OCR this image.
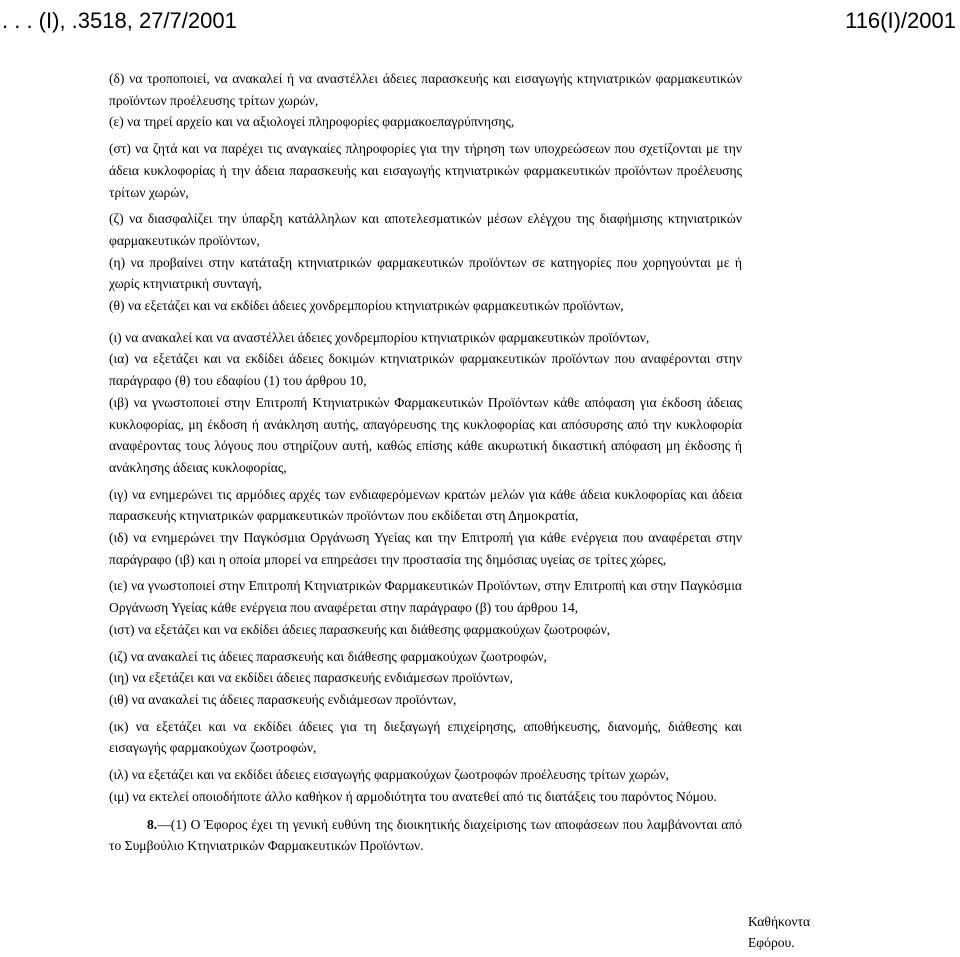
. . . (Ι), .3518, 27/7/2001	116(Ι)/2001

(δ) να τροποποιεί, να ανακαλεί ή να αναστέλλει άδειες παρασκευής και εισαγωγής κτηνιατρικών φαρμακευτικών προϊόντων προέλευσης τρίτων χωρών,

(ε) να τηρεί αρχείο και να αξιολογεί πληροφορίες φαρμακοεπαγρύπνησης,

(στ) να ζητά και να παρέχει τις αναγκαίες πληροφορίες για την τήρηση των υποχρεώσεων που σχετίζονται με την άδεια κυκλοφορίας ή την άδεια παρασκευής και εισαγωγής κτηνιατρικών φαρμακευτικών προϊόντων προέλευσης τρίτων χωρών,

(ζ) να διασφαλίζει την ύπαρξη κατάλληλων και αποτελεσματικών μέσων ελέγχου της διαφήμισης κτηνιατρικών φαρμακευτικών προϊόντων,

(η) να προβαίνει στην κατάταξη κτηνιατρικών φαρμακευτικών προϊόντων σε κατηγορίες που χορηγούνται με ή χωρίς κτηνιατρική συνταγή,

(θ) να εξετάζει και να εκδίδει άδειες χονδρεμπορίου κτηνιατρικών φαρμακευτικών προϊόντων,

(ι) να ανακαλεί και να αναστέλλει άδειες χονδρεμπορίου κτηνιατρικών φαρμακευτικών προϊόντων,

(ια) να εξετάζει και να εκδίδει άδειες δοκιμών κτηνιατρικών φαρμακευτικών προϊόντων που αναφέρονται στην παράγραφο (θ) του εδαφίου (1) του άρθρου 10,

(ιβ) να γνωστοποιεί στην Επιτροπή Κτηνιατρικών Φαρμακευτικών Προϊόντων κάθε απόφαση για έκδοση άδειας κυκλοφορίας, μη έκδοση ή ανάκληση αυτής, απαγόρευσης της κυκλοφορίας και απόσυρσης από την κυκλοφορία αναφέροντας τους λόγους που στηρίζουν αυτή, καθώς επίσης κάθε ακυρωτική δικαστική απόφαση μη έκδοσης ή ανάκλησης άδειας κυκλοφορίας,

(ιγ) να ενημερώνει τις αρμόδιες αρχές των ενδιαφερόμενων κρατών μελών για κάθε άδεια κυκλοφορίας και άδεια παρασκευής κτηνιατρικών φαρμακευτικών προϊόντων που εκδίδεται στη Δημοκρατία,

(ιδ) να ενημερώνει την Παγκόσμια Οργάνωση Υγείας και την Επιτροπή για κάθε ενέργεια που αναφέρεται στην παράγραφο (ιβ) και η οποία μπορεί να επηρεάσει την προστασία της δημόσιας υγείας σε τρίτες χώρες,

(ιε) να γνωστοποιεί στην Επιτροπή Κτηνιατρικών Φαρμακευτικών Προϊόντων, στην Επιτροπή και στην Παγκόσμια Οργάνωση Υγείας κάθε ενέργεια που αναφέρεται στην παράγραφο (β) του άρθρου 14,

(ιστ) να εξετάζει και να εκδίδει άδειες παρασκευής και διάθεσης φαρμακούχων ζωοτροφών,

(ιζ) να ανακαλεί τις άδειες παρασκευής και διάθεσης φαρμακούχων ζωοτροφών,

(ιη) να εξετάζει και να εκδίδει άδειες παρασκευής ενδιάμεσων προϊόντων,

(ιθ) να ανακαλεί τις άδειες παρασκευής ενδιάμεσων προϊόντων,

(ικ) να εξετάζει και να εκδίδει άδειες για τη διεξαγωγή επιχείρησης, αποθήκευσης, διανομής, διάθεσης και εισαγωγής φαρμακούχων ζωοτροφών,

(ιλ) να εξετάζει και να εκδίδει άδειες εισαγωγής φαρμακούχων ζωοτροφών προέλευσης τρίτων χωρών,

(ιμ) να εκτελεί οποιοδήποτε άλλο καθήκον ή αρμοδιότητα του ανατεθεί από τις διατάξεις του παρόντος Νόμου.

8.—(1) Ο Έφορος έχει τη γενική ευθύνη της διοικητικής διαχείρισης των αποφάσεων που λαμβάνονται από το Συμβούλιο Κτηνιατρικών Φαρμακευτικών Προϊόντων.

Καθήκοντα Εφόρου.
